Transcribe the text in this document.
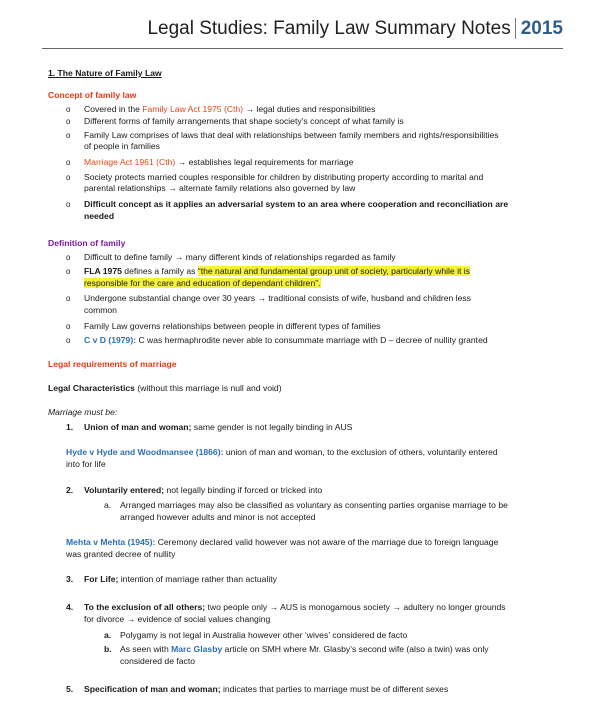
Legal Studies: Family Law Summary Notes 2015
1. The Nature of Family Law
Concept of family law
o Covered in the Family Law Act 1975 (Cth) → legal duties and responsibilities
o Different forms of family arrangements that shape society’s concept of what family is
o Family Law comprises of laws that deal with relationships between family members and rights/responsibilities
of people in families
o Marriage Act 1961 (Cth) → establishes legal requirements for marriage
o Society protects married couples responsible for children by distributing property according to marital and
parental relationships → alternate family relations also governed by law
o Difficult concept as it applies an adversarial system to an area where cooperation and reconciliation are
needed
Definition of family
o Difficult to define family → many different kinds of relationships regarded as family
o FLA 1975 defines a family as “the natural and fundamental group unit of society, particularly while it is
responsible for the care and education of dependant children”.
o Undergone substantial change over 30 years → traditional consists of wife, husband and children less
common
o Family Law governs relationships between people in different types of families
o C v D (1979): C was hermaphrodite never able to consummate marriage with D – decree of nullity granted
Legal requirements of marriage
Legal Characteristics (without this marriage is null and void)
Marriage must be:
1. Union of man and woman; same gender is not legally binding in AUS
Hyde v Hyde and Woodmansee (1866): union of man and woman, to the exclusion of others, voluntarily entered
into for life
2. Voluntarily entered; not legally binding if forced or tricked into
a. Arranged marriages may also be classified as voluntary as consenting parties organise marriage to be
arranged however adults and minor is not accepted
Mehta v Mehta (1945): Ceremony declared valid however was not aware of the marriage due to foreign language
was granted decree of nullity
3. For Life; intention of marriage rather than actuality
4. To the exclusion of all others; two people only → AUS is monogamous society → adultery no longer grounds
for divorce → evidence of social values changing
a. Polygamy is not legal in Australia however other ‘wives’ considered de facto
b. As seen with Marc Glasby article on SMH where Mr. Glasby’s second wife (also a twin) was only
considered de facto
5. Specification of man and woman; indicates that parties to marriage must be of different sexes
